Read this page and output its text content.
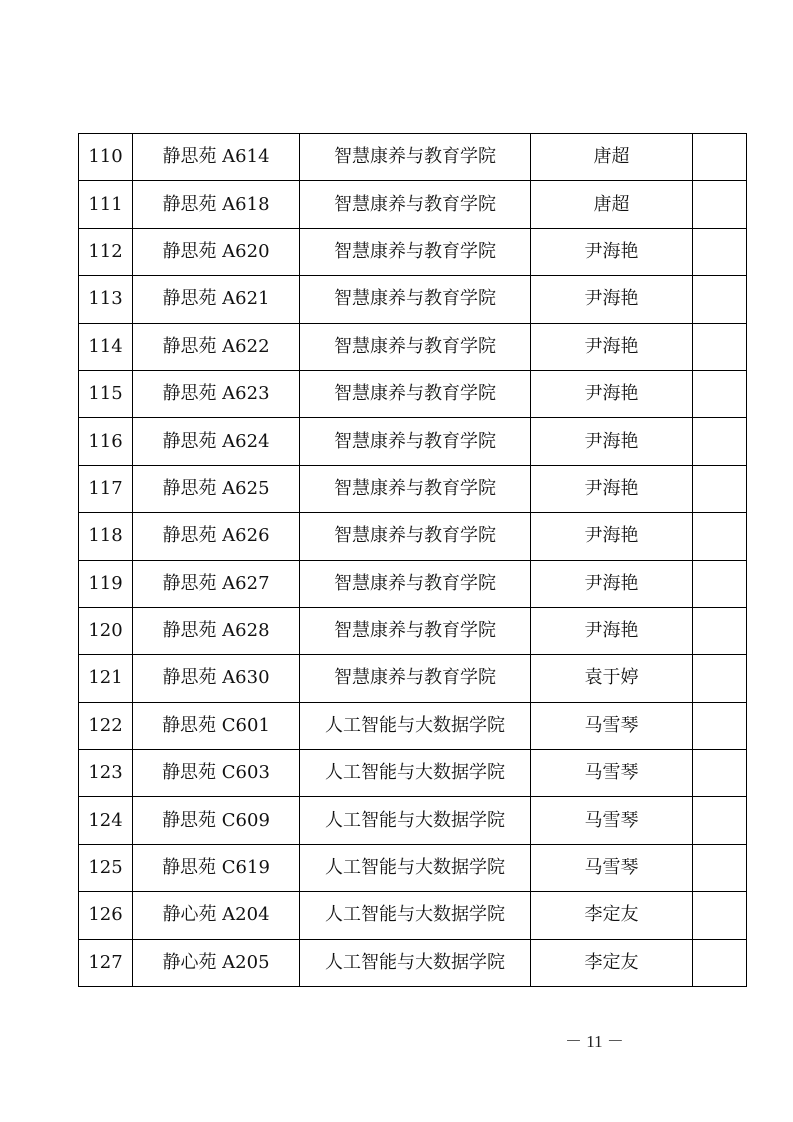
110	静思苑 A614	智慧康养与教育学院	唐超	
111	静思苑 A618	智慧康养与教育学院	唐超	
112	静思苑 A620	智慧康养与教育学院	尹海艳	
113	静思苑 A621	智慧康养与教育学院	尹海艳	
114	静思苑 A622	智慧康养与教育学院	尹海艳	
115	静思苑 A623	智慧康养与教育学院	尹海艳	
116	静思苑 A624	智慧康养与教育学院	尹海艳	
117	静思苑 A625	智慧康养与教育学院	尹海艳	
118	静思苑 A626	智慧康养与教育学院	尹海艳	
119	静思苑 A627	智慧康养与教育学院	尹海艳	
120	静思苑 A628	智慧康养与教育学院	尹海艳	
121	静思苑 A630	智慧康养与教育学院	袁于婷	
122	静思苑 C601	人工智能与大数据学院	马雪琴	
123	静思苑 C603	人工智能与大数据学院	马雪琴	
124	静思苑 C609	人工智能与大数据学院	马雪琴	
125	静思苑 C619	人工智能与大数据学院	马雪琴	
126	静心苑 A204	人工智能与大数据学院	李定友	
127	静心苑 A205	人工智能与大数据学院	李定友	
－ 11 －
